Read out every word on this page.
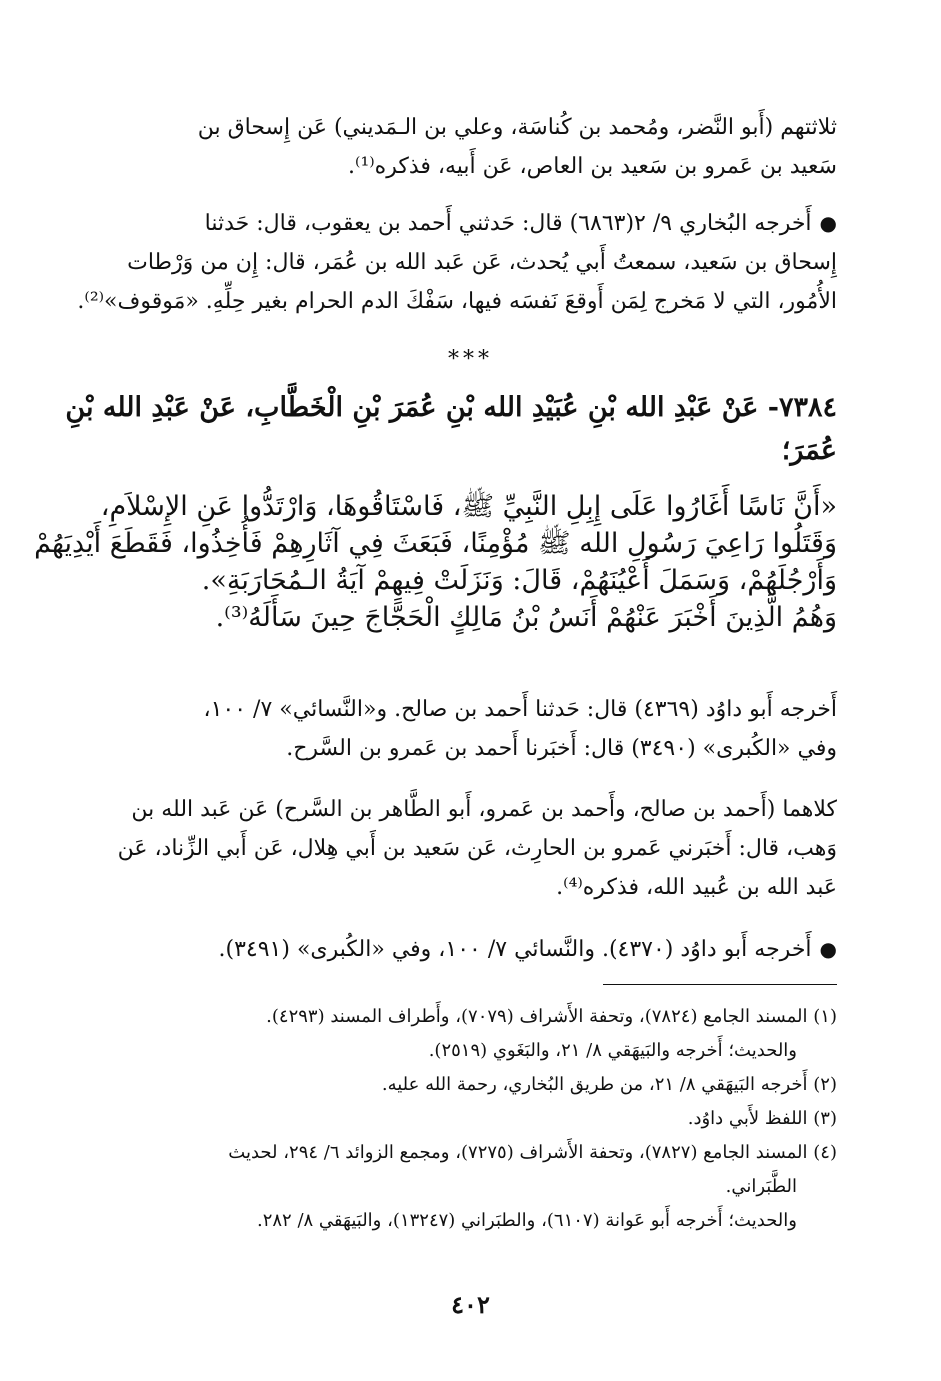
ثلاثتهم (أَبو النَّضر، ومُحمد بن كُناسَة، وعلي بن الـمَديني) عَن إِسحاق بن
سَعيد بن عَمرو بن سَعيد بن العاص، عَن أَبيه، فذكره⁽¹⁾.
●أَخرجه البُخاري ٩/ ٢(٦٨٦٣) قال: حَدثني أَحمد بن يعقوب، قال: حَدثنا
إِسحاق بن سَعيد، سمعتُ أَبي يُحدث، عَن عَبد الله بن عُمَر، قال: إِن من وَرْطات
الأُمُور، التي لا مَخرج لِمَن أَوقعَ نَفسَه فيها، سَفْكَ الدم الحرام بغير حِلِّهِ. «مَوقوف»⁽²⁾.
***
٧٣٨٤- عَنْ عَبْدِ الله بْنِ عُبَيْدِ الله بْنِ عُمَرَ بْنِ الْخَطَّابِ، عَنْ عَبْدِ الله بْنِ
عُمَرَ؛
«أَنَّ نَاسًا أَغَارُوا عَلَى إِبِلِ النَّبِيِّ ﷺ، فَاسْتَاقُوهَا، وَارْتَدُّوا عَنِ الإِسْلاَمِ،
وَقَتَلُوا رَاعِيَ رَسُولِ الله ﷺ مُؤْمِنًا، فَبَعَثَ فِي آثَارِهِمْ فَأُخِذُوا، فَقَطَعَ أَيْدِيَهُمْ
وَأَرْجُلَهُمْ، وَسَمَلَ أَعْيُنَهُمْ، قَالَ: وَنَزَلَتْ فِيهِمْ آيَةُ الـمُحَارَبَةِ».
وَهُمُ الَّذِينَ أَخْبَرَ عَنْهُمْ أَنَسُ بْنُ مَالِكٍ الْحَجَّاجَ حِينَ سَأَلَهُ⁽³⁾.
أَخرجه أَبو داوُد (٤٣٦٩) قال: حَدثنا أَحمد بن صالح. و«النَّسائي» ٧/ ١٠٠،
وفي «الكُبرى» (٣٤٩٠) قال: أَخبَرنا أَحمد بن عَمرو بن السَّرح.
كلاهما (أَحمد بن صالح، وأَحمد بن عَمرو، أَبو الطَّاهر بن السَّرح) عَن عَبد الله بن
وَهب، قال: أَخبَرني عَمرو بن الحارِث، عَن سَعيد بن أَبي هِلال، عَن أَبي الزِّناد، عَن
عَبد الله بن عُبيد الله، فذكره⁽⁴⁾.
●أَخرجه أَبو داوُد (٤٣٧٠). والنَّسائي ٧/ ١٠٠، وفي «الكُبرى» (٣٤٩١).
(١) المسند الجامع (٧٨٢٤)، وتحفة الأَشراف (٧٠٧٩)، وأَطراف المسند (٤٢٩٣).
والحديث؛ أَخرجه والبَيهَقي ٨/ ٢١، والبَغَوي (٢٥١٩).
(٢) أَخرجه البَيهَقي ٨/ ٢١، من طريق البُخاري، رحمة الله عليه.
(٣) اللفظ لأَبي داوُد.
(٤) المسند الجامع (٧٨٢٧)، وتحفة الأَشراف (٧٢٧٥)، ومجمع الزوائد ٦/ ٢٩٤، لحديث
الطَّبَراني.
والحديث؛ أَخرجه أَبو عَوانة (٦١٠٧)، والطبَراني (١٣٢٤٧)، والبَيهَقي ٨/ ٢٨٢.
٤٠٢
